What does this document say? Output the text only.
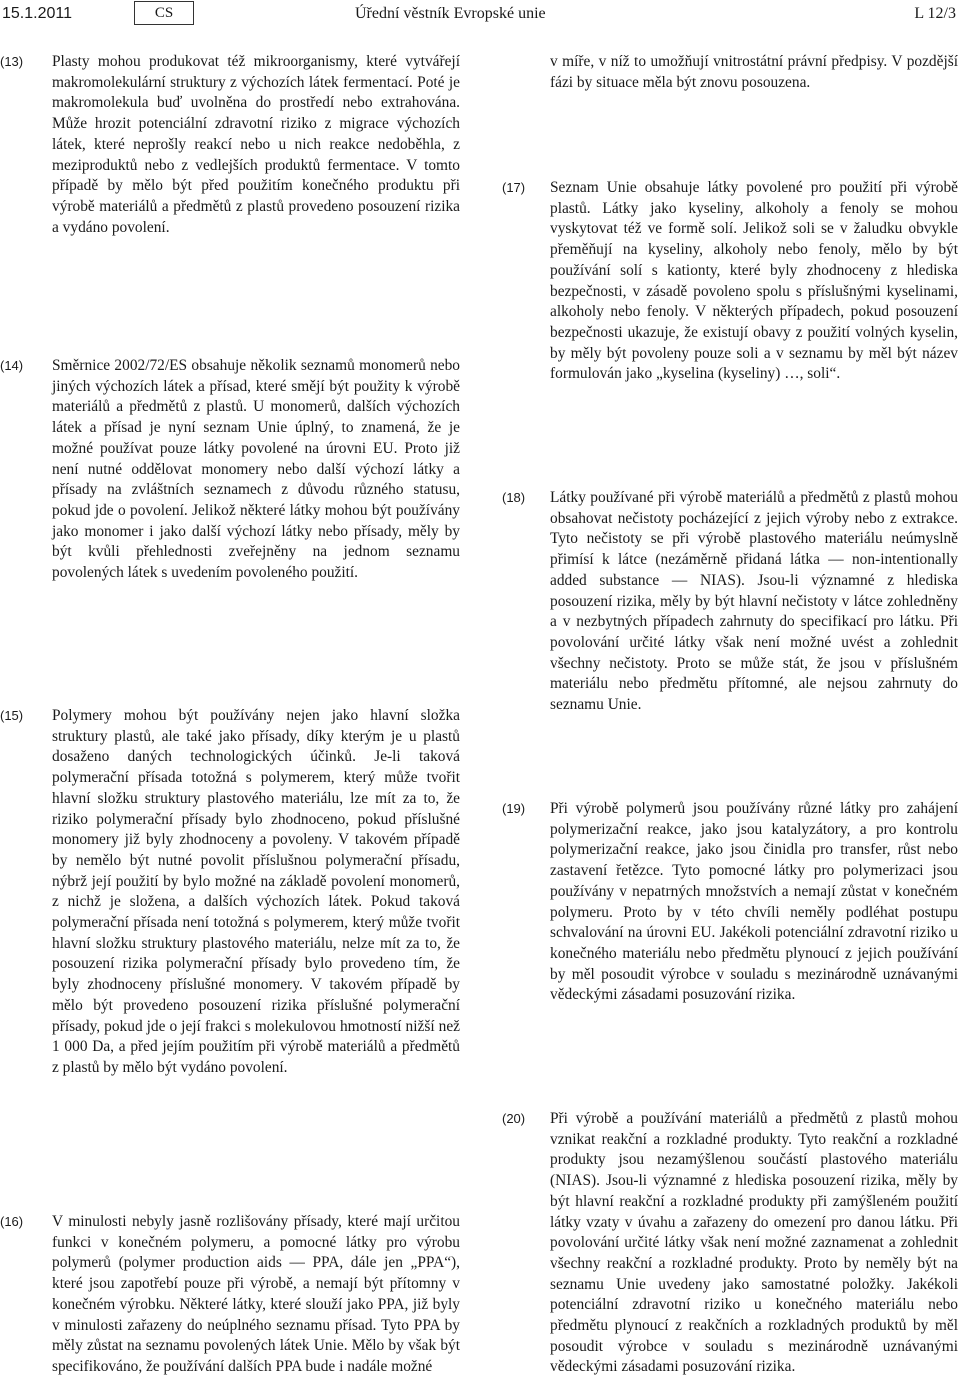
15.1.2011	CS	Úřední věstník Evropské unie	L 12/3
(13) Plasty mohou produkovat též mikroorganismy, které vytvářejí makromolekulární struktury z výchozích látek fermentací. Poté je makromolekula buď uvolněna do prostředí nebo extrahována. Může hrozit potenciální zdravotní riziko z migrace výchozích látek, které neprošly reakcí nebo u nich reakce nedoběhla, z meziproduktů nebo z vedlejších produktů fermentace. V tomto případě by mělo být před použitím konečného produktu při výrobě materiálů a předmětů z plastů provedeno posouzení rizika a vydáno povolení.
(14) Směrnice 2002/72/ES obsahuje několik seznamů monomerů nebo jiných výchozích látek a přísad, které smějí být použity k výrobě materiálů a předmětů z plastů. U monomerů, dalších výchozích látek a přísad je nyní seznam Unie úplný, to znamená, že je možné používat pouze látky povolené na úrovni EU. Proto již není nutné oddělovat monomery nebo další výchozí látky a přísady na zvláštních seznamech z důvodu různého statusu, pokud jde o povolení. Jelikož některé látky mohou být používány jako monomer i jako další výchozí látky nebo přísady, měly by být kvůli přehlednosti zveřejněny na jednom seznamu povolených látek s uvedením povoleného použití.
(15) Polymery mohou být používány nejen jako hlavní složka struktury plastů, ale také jako přísady, díky kterým je u plastů dosaženo daných technologických účinků. Je-li taková polymerační přísada totožná s polymerem, který může tvořit hlavní složku struktury plastového materiálu, lze mít za to, že riziko polymerační přísady bylo zhodnoceno, pokud příslušné monomery již byly zhodnoceny a povoleny. V takovém případě by nemělo být nutné povolit příslušnou polymerační přísadu, nýbrž její použití by bylo možné na základě povolení monomerů, z nichž je složena, a dalších výchozích látek. Pokud taková polymerační přísada není totožná s polymerem, který může tvořit hlavní složku struktury plastového materiálu, nelze mít za to, že posouzení rizika polymerační přísady bylo provedeno tím, že byly zhodnoceny příslušné monomery. V takovém případě by mělo být provedeno posouzení rizika příslušné polymerační přísady, pokud jde o její frakci s molekulovou hmotností nižší než 1 000 Da, a před jejím použitím při výrobě materiálů a předmětů z plastů by mělo být vydáno povolení.
(16) V minulosti nebyly jasně rozlišovány přísady, které mají určitou funkci v konečném polymeru, a pomocné látky pro výrobu polymerů (polymer production aids — PPA, dále jen „PPA“), které jsou zapotřebí pouze při výrobě, a nemají být přítomny v konečném výrobku. Některé látky, které slouží jako PPA, již byly v minulosti zařazeny do neúplného seznamu přísad. Tyto PPA by měly zůstat na seznamu povolených látek Unie. Mělo by však být specifikováno, že používání dalších PPA bude i nadále možné
v míře, v níž to umožňují vnitrostátní právní předpisy. V pozdější fázi by situace měla být znovu posouzena.
(17) Seznam Unie obsahuje látky povolené pro použití při výrobě plastů. Látky jako kyseliny, alkoholy a fenoly se mohou vyskytovat též ve formě solí. Jelikož soli se v žaludku obvykle přeměňují na kyseliny, alkoholy nebo fenoly, mělo by být používání solí s kationty, které byly zhodnoceny z hlediska bezpečnosti, v zásadě povoleno spolu s příslušnými kyselinami, alkoholy nebo fenoly. V některých případech, pokud posouzení bezpečnosti ukazuje, že existují obavy z použití volných kyselin, by měly být povoleny pouze soli a v seznamu by měl být název formulován jako „kyselina (kyseliny) …, soli“.
(18) Látky používané při výrobě materiálů a předmětů z plastů mohou obsahovat nečistoty pocházející z jejich výroby nebo z extrakce. Tyto nečistoty se při výrobě plastového materiálu neúmyslně přimísí k látce (nezáměrně přidaná látka — non-intentionally added substance — NIAS). Jsou-li významné z hlediska posouzení rizika, měly by být hlavní nečistoty v látce zohledněny a v nezbytných případech zahrnuty do specifikací pro látku. Při povolování určité látky však není možné uvést a zohlednit všechny nečistoty. Proto se může stát, že jsou v příslušném materiálu nebo předmětu přítomné, ale nejsou zahrnuty do seznamu Unie.
(19) Při výrobě polymerů jsou používány různé látky pro zahájení polymerizační reakce, jako jsou katalyzátory, a pro kontrolu polymerizační reakce, jako jsou činidla pro transfer, růst nebo zastavení řetězce. Tyto pomocné látky pro polymerizaci jsou používány v nepatrných množstvích a nemají zůstat v konečném polymeru. Proto by v této chvíli neměly podléhat postupu schvalování na úrovni EU. Jakékoli potenciální zdravotní riziko u konečného materiálu nebo předmětu plynoucí z jejich používání by měl posoudit výrobce v souladu s mezinárodně uznávanými vědeckými zásadami posuzování rizika.
(20) Při výrobě a používání materiálů a předmětů z plastů mohou vznikat reakční a rozkladné produkty. Tyto reakční a rozkladné produkty jsou nezamýšlenou součástí plastového materiálu (NIAS). Jsou-li významné z hlediska posouzení rizika, měly by být hlavní reakční a rozkladné produkty při zamýšleném použití látky vzaty v úvahu a zařazeny do omezení pro danou látku. Při povolování určité látky však není možné zaznamenat a zohlednit všechny reakční a rozkladné produkty. Proto by neměly být na seznamu Unie uvedeny jako samostatné položky. Jakékoli potenciální zdravotní riziko u konečného materiálu nebo předmětu plynoucí z reakčních a rozkladných produktů by měl posoudit výrobce v souladu s mezinárodně uznávanými vědeckými zásadami posuzování rizika.
